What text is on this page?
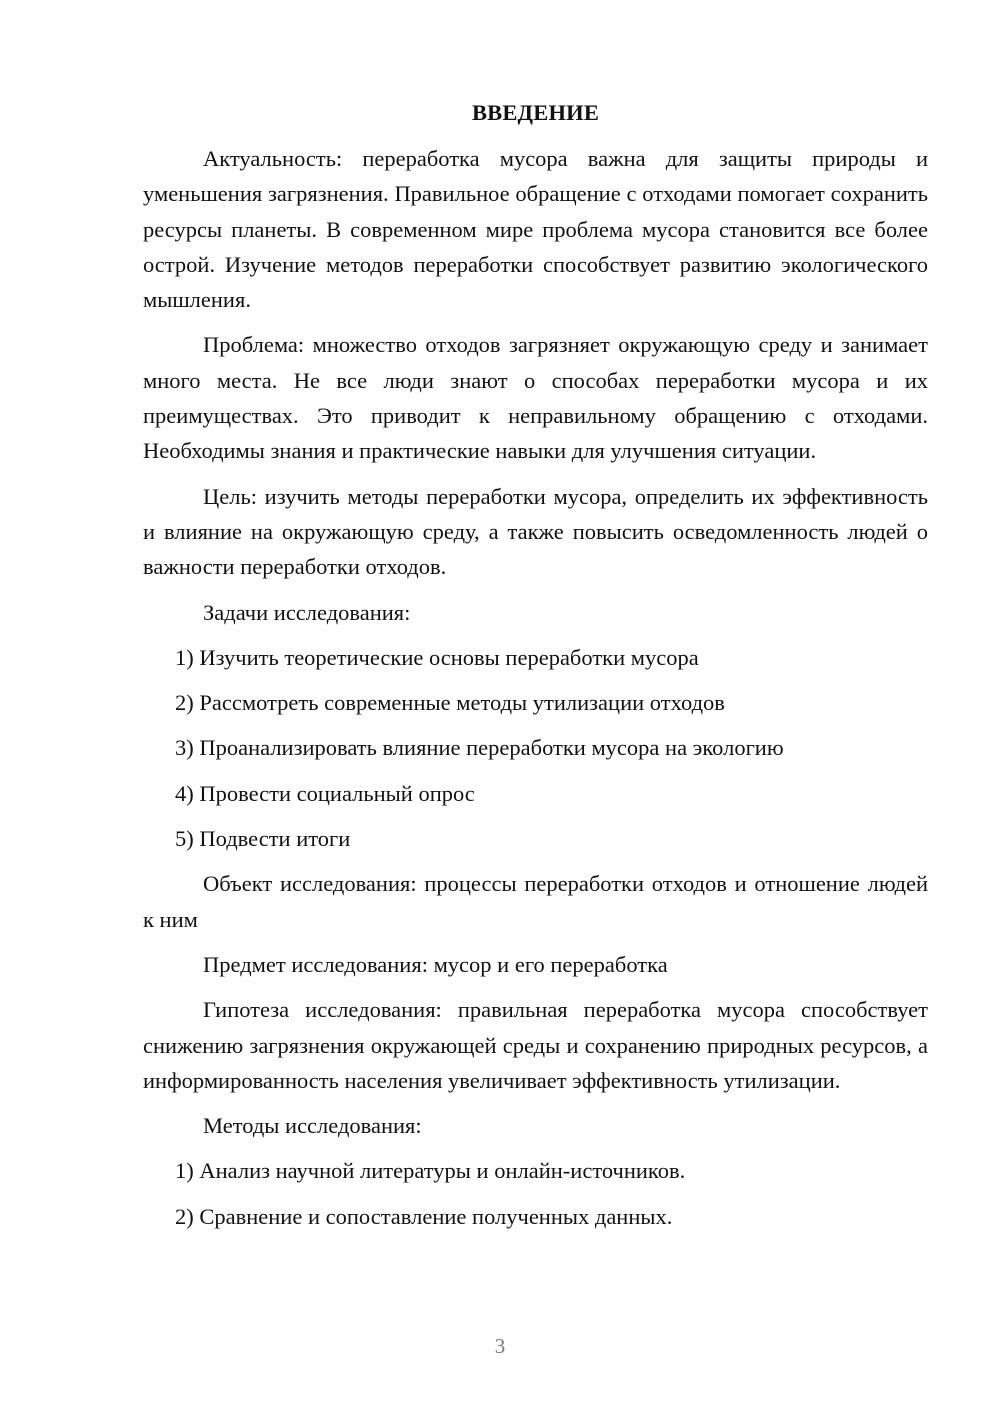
ВВЕДЕНИЕ

Актуальность: переработка мусора важна для защиты природы и уменьшения загрязнения. Правильное обращение с отходами помогает сохранить ресурсы планеты. В современном мире проблема мусора становится все более острой. Изучение методов переработки способствует развитию экологического мышления.

Проблема: множество отходов загрязняет окружающую среду и занимает много места. Не все люди знают о способах переработки мусора и их преимуществах. Это приводит к неправильному обращению с отходами. Необходимы знания и практические навыки для улучшения ситуации.

Цель: изучить методы переработки мусора, определить их эффективность и влияние на окружающую среду, а также повысить осведомленность людей о важности переработки отходов.

Задачи исследования:

1) Изучить теоретические основы переработки мусора

2) Рассмотреть современные методы утилизации отходов

3) Проанализировать влияние переработки мусора на экологию

4) Провести социальный опрос

5) Подвести итоги

Объект исследования: процессы переработки отходов и отношение людей к ним

Предмет исследования: мусор и его переработка

Гипотеза исследования: правильная переработка мусора способствует снижению загрязнения окружающей среды и сохранению природных ресурсов, а информированность населения увеличивает эффективность утилизации.

Методы исследования:

1) Анализ научной литературы и онлайн-источников.

2) Сравнение и сопоставление полученных данных.

3
